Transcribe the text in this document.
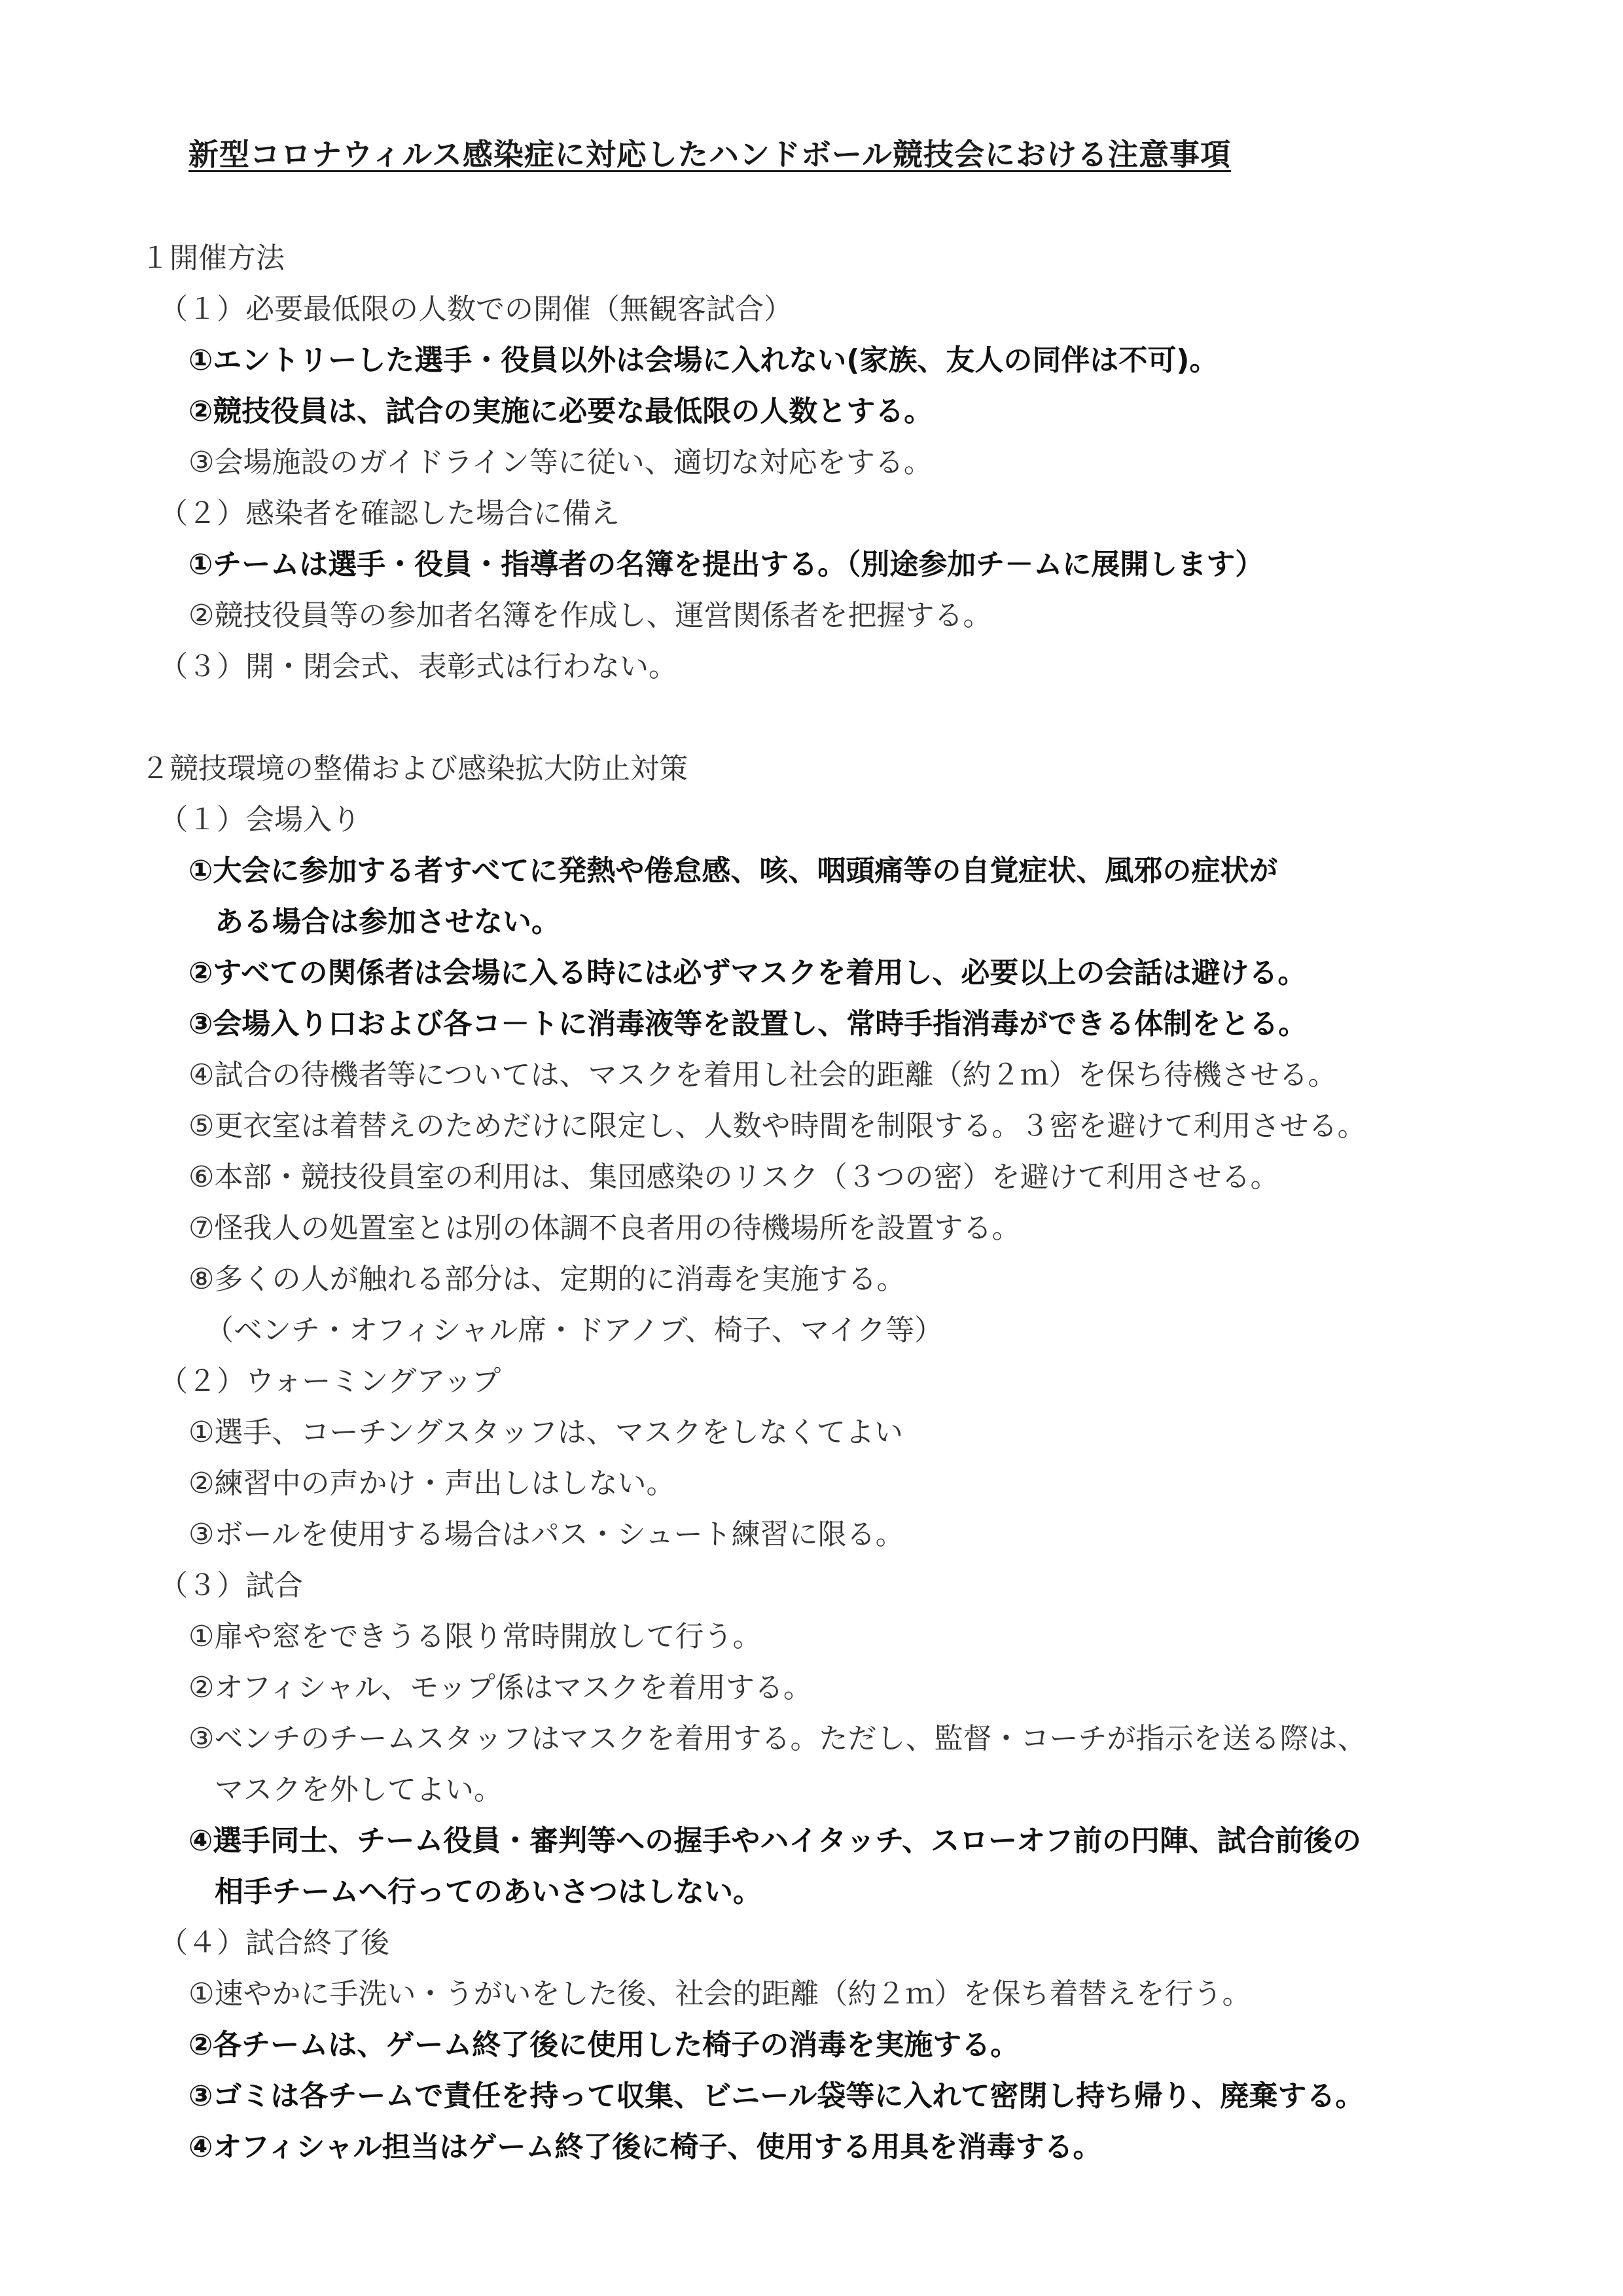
新型コロナウィルス感染症に対応したハンドボール競技会における注意事項
１開催方法
（１）必要最低限の人数での開催（無観客試合）
①エントリーした選手・役員以外は会場に入れない(家族、友人の同伴は不可)。
②競技役員は、試合の実施に必要な最低限の人数とする。
③会場施設のガイドライン等に従い、適切な対応をする。
（２）感染者を確認した場合に備え
①チームは選手・役員・指導者の名簿を提出する。（別途参加チ－ムに展開します）
②競技役員等の参加者名簿を作成し、運営関係者を把握する。
（３）開・閉会式、表彰式は行わない。
２競技環境の整備および感染拡大防止対策
（１）会場入り
①大会に参加する者すべてに発熱や倦怠感、咳、咽頭痛等の自覚症状、風邪の症状が
ある場合は参加させない。
②すべての関係者は会場に入る時には必ずマスクを着用し、必要以上の会話は避ける。
③会場入り口および各コ－トに消毒液等を設置し、常時手指消毒ができる体制をとる。
④試合の待機者等については、マスクを着用し社会的距離（約２ｍ）を保ち待機させる。
⑤更衣室は着替えのためだけに限定し、人数や時間を制限する。３密を避けて利用させる。
⑥本部・競技役員室の利用は、集団感染のリスク（３つの密）を避けて利用させる。
⑦怪我人の処置室とは別の体調不良者用の待機場所を設置する。
⑧多くの人が触れる部分は、定期的に消毒を実施する。
（ベンチ・オフィシャル席・ドアノブ、椅子、マイク等）
（２）ウォーミングアップ
①選手、コーチングスタッフは、マスクをしなくてよい
②練習中の声かけ・声出しはしない。
③ボールを使用する場合はパス・シュート練習に限る。
（３）試合
①扉や窓をできうる限り常時開放して行う。
②オフィシャル、モップ係はマスクを着用する。
③ベンチのチームスタッフはマスクを着用する。ただし、監督・コーチが指示を送る際は、
マスクを外してよい。
④選手同士、チーム役員・審判等への握手やハイタッチ、スローオフ前の円陣、試合前後の
相手チームへ行ってのあいさつはしない。
（４）試合終了後
①速やかに手洗い・うがいをした後、社会的距離（約２ｍ）を保ち着替えを行う。
②各チームは、ゲーム終了後に使用した椅子の消毒を実施する。
③ゴミは各チームで責任を持って収集、ビニール袋等に入れて密閉し持ち帰り、廃棄する。
④オフィシャル担当はゲーム終了後に椅子、使用する用具を消毒する。
